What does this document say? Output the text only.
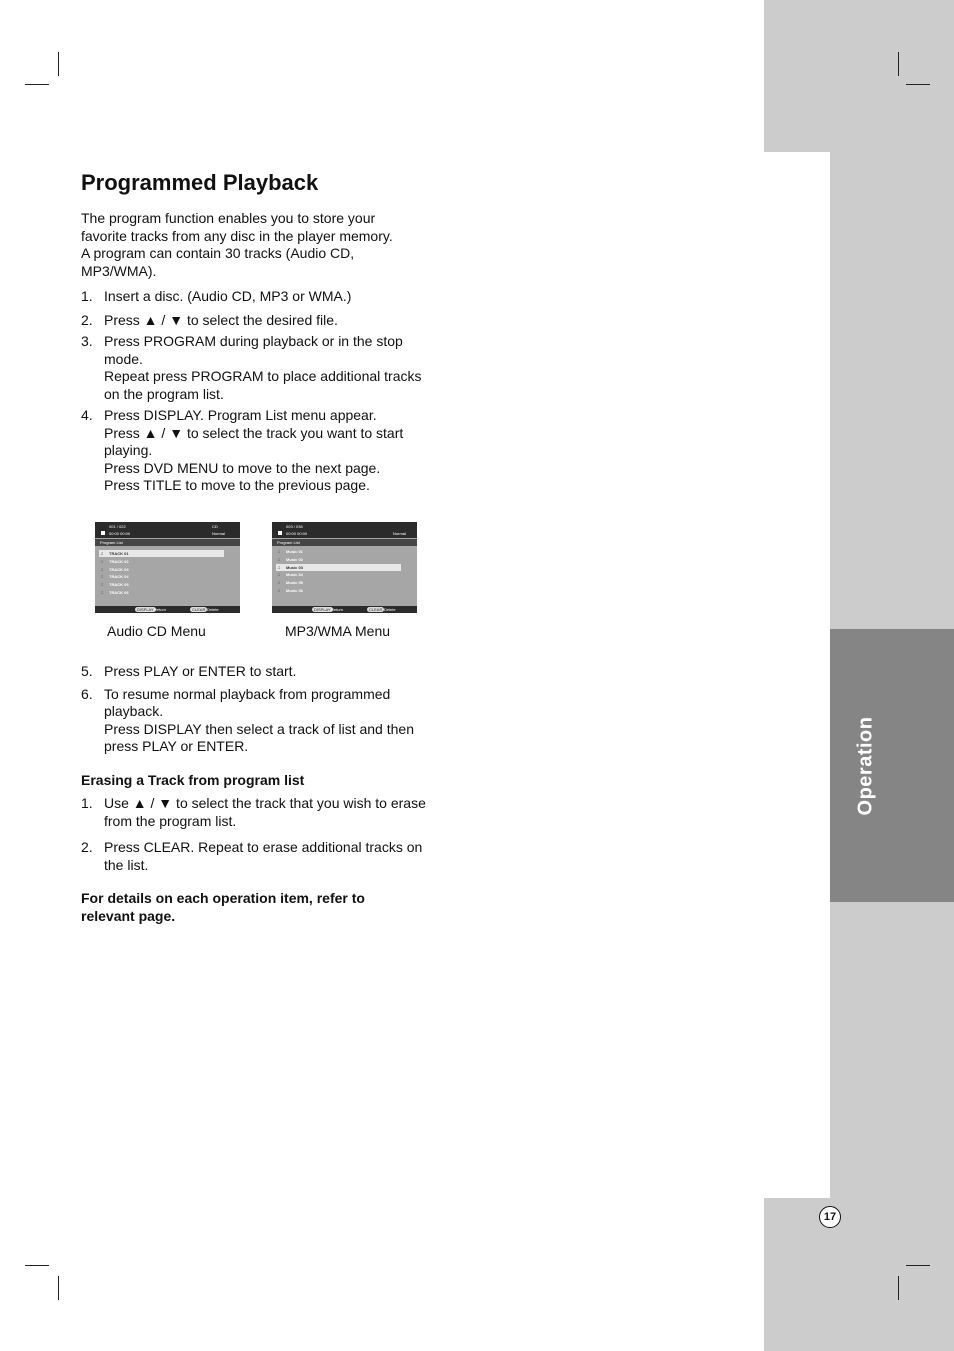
Operation
17
Programmed Playback

The program function enables you to store your favorite tracks from any disc in the player memory.

A program can contain 30 tracks (Audio CD, MP3/WMA).

1. Insert a disc. (Audio CD, MP3 or WMA.)

2. Press ▲ / ▼ to select the desired file.

3. Press PROGRAM during playback or in the stop mode.

Repeat press PROGRAM to place additional tracks on the program list.

4. Press DISPLAY. Program List menu appear.

Press ▲ / ▼ to select the track you want to start playing.

Press DVD MENU to move to the next page.

Press TITLE to move to the previous page.

001 / 022	CD
00:00 00:00	Normal
Program List
♫ TRACK 01
♫ TRACK 02
♫ TRACK 03
♫ TRACK 04
♫ TRACK 05
♫ TRACK 06
DISPLAY Return	CLEAR Delete
Audio CD Menu
003 / 036
00:00 00:00	Normal
Program List
♫ Music 01
♫ Music 02
♫ Music 03
♫ Music 04
♫ Music 05
♫ Music 06
DISPLAY Return	CLEAR Delete
MP3/WMA Menu
5. Press PLAY or ENTER to start.

6. To resume normal playback from programmed playback.

Press DISPLAY then select a track of list and then press PLAY or ENTER.

Erasing a Track from program list
1. Use ▲ / ▼ to select the track that you wish to erase from the program list.

2. Press CLEAR. Repeat to erase additional tracks on the list.

For details on each operation item, refer to relevant page.
